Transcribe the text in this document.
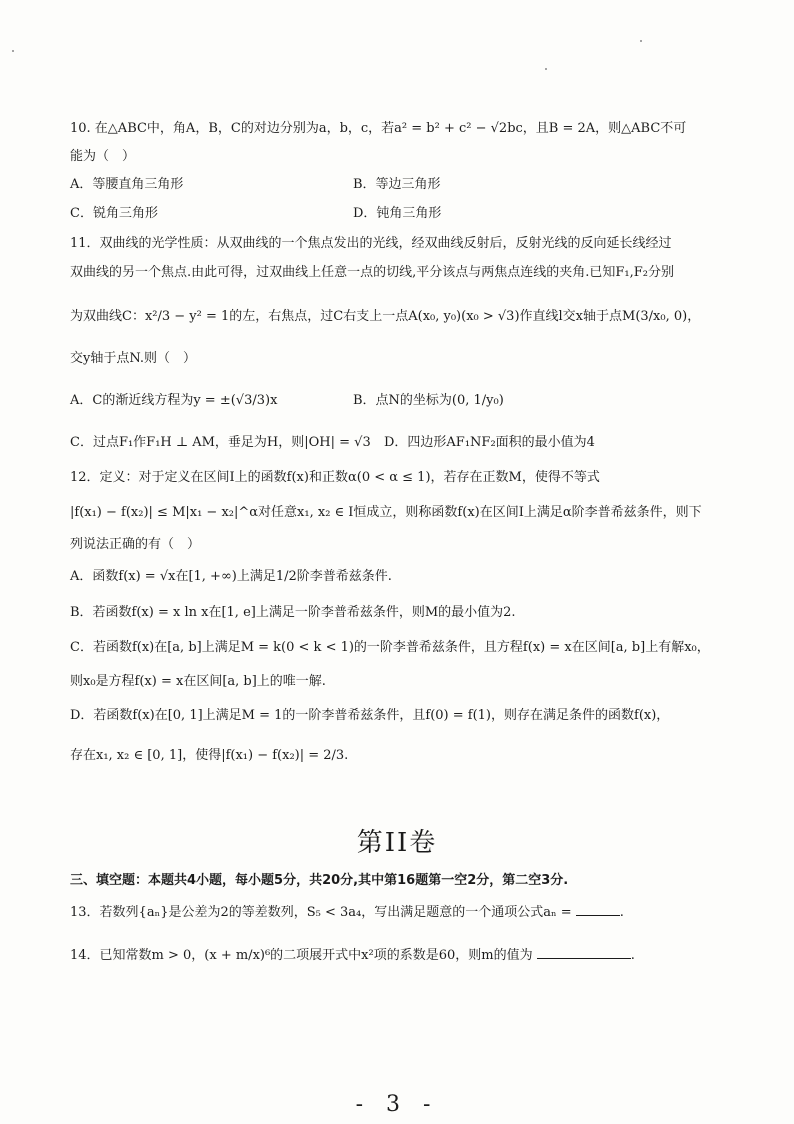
10. 在△ABC中，角A，B，C的对边分别为a，b，c，若a² = b² + c² − √2bc，且B = 2A，则△ABC不可
能为（　）
A．等腰直角三角形	B．等边三角形
C．锐角三角形	D．钝角三角形
11．双曲线的光学性质：从双曲线的一个焦点发出的光线，经双曲线反射后，反射光线的反向延长线经过
双曲线的另一个焦点.由此可得，过双曲线上任意一点的切线,平分该点与两焦点连线的夹角.已知F₁,F₂分别
为双曲线C：x²/3 − y² = 1的左，右焦点，过C右支上一点A(x₀, y₀)(x₀ > √3)作直线l交x轴于点M(3/x₀, 0)，
交y轴于点N.则（　）
A．C的渐近线方程为y = ±(√3/3)x	B．点N的坐标为(0, 1/y₀)
C．过点F₁作F₁H ⊥ AM，垂足为H，则|OH| = √3 D．四边形AF₁NF₂面积的最小值为4
12．定义：对于定义在区间I上的函数f(x)和正数α(0 < α ≤ 1)，若存在正数M，使得不等式
|f(x₁) − f(x₂)| ≤ M|x₁ − x₂|^α对任意x₁, x₂ ∈ I恒成立，则称函数f(x)在区间I上满足α阶李普希兹条件，则下
列说法正确的有（　）
A．函数f(x) = √x在[1, +∞)上满足1/2阶李普希兹条件.
B．若函数f(x) = x ln x在[1, e]上满足一阶李普希兹条件，则M的最小值为2.
C．若函数f(x)在[a, b]上满足M = k(0 < k < 1)的一阶李普希兹条件，且方程f(x) = x在区间[a, b]上有解x₀，
则x₀是方程f(x) = x在区间[a, b]上的唯一解.
D．若函数f(x)在[0, 1]上满足M = 1的一阶李普希兹条件，且f(0) = f(1)，则存在满足条件的函数f(x)，
存在x₁, x₂ ∈ [0, 1]，使得|f(x₁) − f(x₂)| = 2/3.
第II卷
三、填空题：本题共4小题，每小题5分，共20分,其中第16题第一空2分，第二空3分.
13．若数列{aₙ}是公差为2的等差数列，S₅ < 3a₄，写出满足题意的一个通项公式aₙ =	.
14．已知常数m > 0，(x + m/x)⁶的二项展开式中x²项的系数是60，则m的值为	.
- 3 -
